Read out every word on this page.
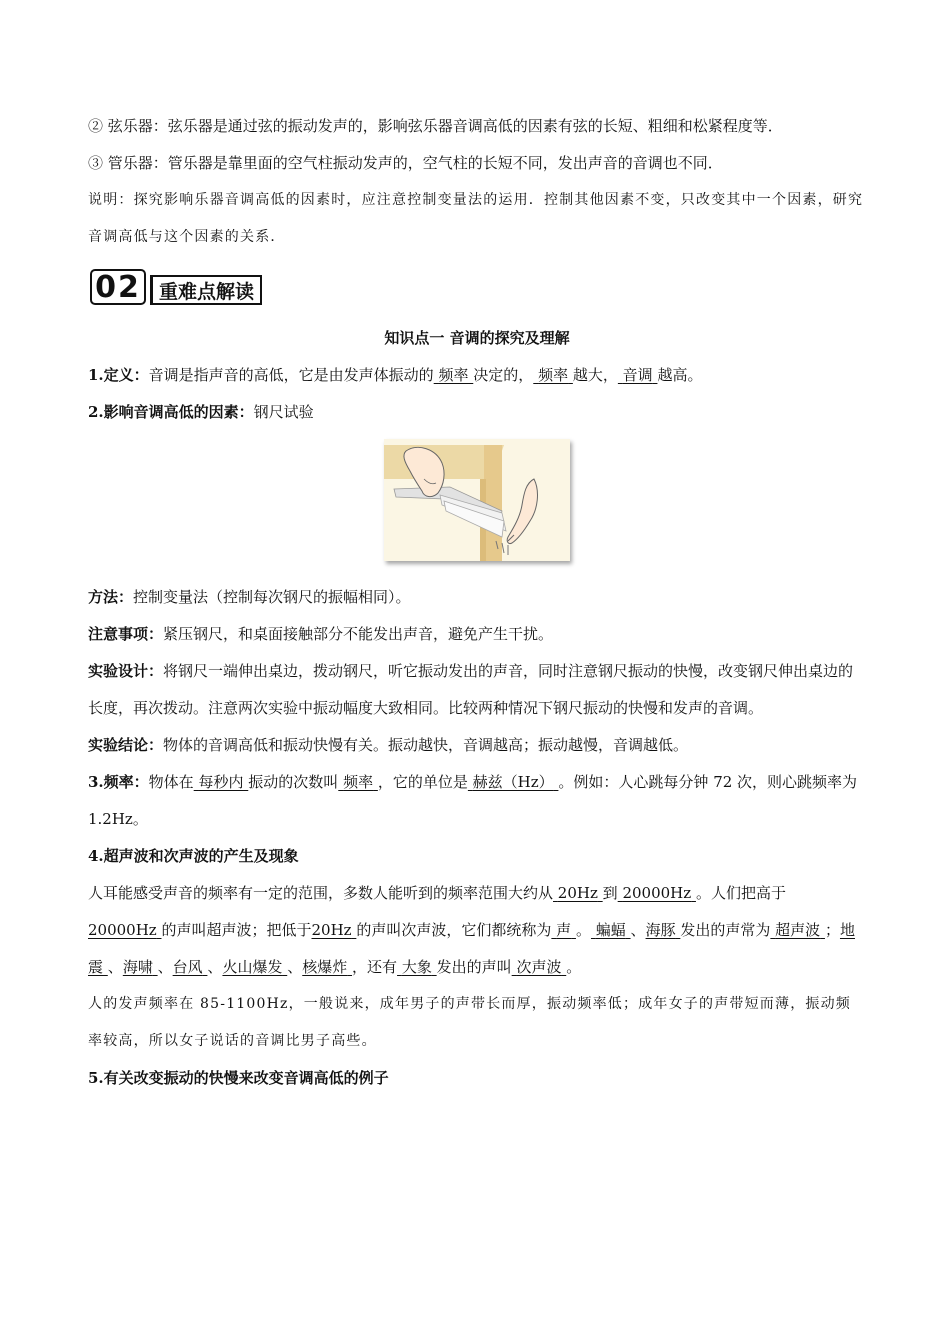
② 弦乐器：弦乐器是通过弦的振动发声的，影响弦乐器音调高低的因素有弦的长短、粗细和松紧程度等．

③ 管乐器：管乐器是靠里面的空气柱振动发声的，空气柱的长短不同，发出声音的音调也不同．

说明：探究影响乐器音调高低的因素时，应注意控制变量法的运用．控制其他因素不变，只改变其中一个因素，研究音调高低与这个因素的关系．

02 重难点解读

知识点一 音调的探究及理解

1.定义：音调是指声音的高低，它是由发声体振动的 频率 决定的， 频率 越大， 音调 越高。

2.影响音调高低的因素：钢尺试验

方法：控制变量法（控制每次钢尺的振幅相同）。

注意事项：紧压钢尺，和桌面接触部分不能发出声音，避免产生干扰。

实验设计：将钢尺一端伸出桌边，拨动钢尺，听它振动发出的声音，同时注意钢尺振动的快慢，改变钢尺伸出桌边的长度，再次拨动。注意两次实验中振动幅度大致相同。比较两种情况下钢尺振动的快慢和发声的音调。

实验结论：物体的音调高低和振动快慢有关。振动越快，音调越高；振动越慢，音调越低。

3.频率：物体在 每秒内 振动的次数叫 频率 ，它的单位是 赫兹（Hz） 。例如：人心跳每分钟 72 次，则心跳频率为 1.2Hz。

4.超声波和次声波的产生及现象

人耳能感受声音的频率有一定的范围，多数人能听到的频率范围大约从 20Hz 到 20000Hz 。人们把高于20000Hz 的声叫超声波；把低于20Hz 的声叫次声波，它们都统称为 声 。 蝙蝠 、海豚 发出的声常为 超声波 ；地震 、海啸 、台风 、火山爆发 、核爆炸 ，还有 大象 发出的声叫 次声波 。

人的发声频率在 85-1100Hz，一般说来，成年男子的声带长而厚，振动频率低；成年女子的声带短而薄，振动频率较高，所以女子说话的音调比男子高些。

5.有关改变振动的快慢来改变音调高低的例子
